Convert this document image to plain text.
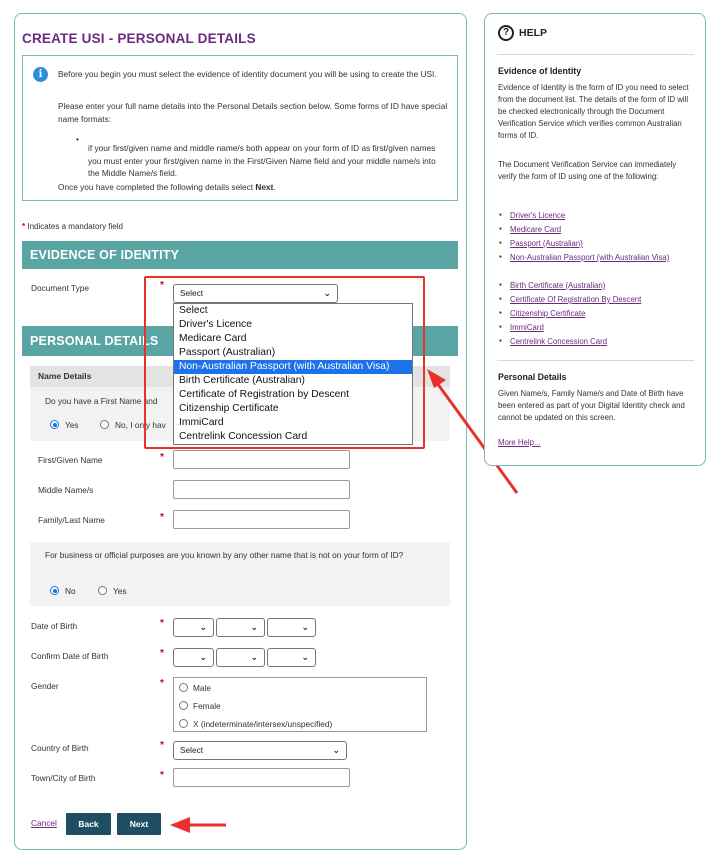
CREATE USI - PERSONAL DETAILS
i	Before you begin you must select the evidence of identity document you will be using to create the USI.

Please enter your full name details into the Personal Details section below. Some forms of ID have special name formats:

•

if your first/given name and middle name/s both appear on your form of ID as first/given names you must enter your first/given name in the First/Given Name field and your middle name/s into the Middle Name/s field.

Once you have completed the following details select Next.

* Indicates a mandatory field
EVIDENCE OF IDENTITY
Document Type	*
Select	⌄
PERSONAL DETAILS
Name Details
Do you have a First Name and
Yes	No, I only hav
First/Given Name	*
Middle Name/s
Family/Last Name	*
For business or official purposes are you known by any other name that is not on your form of ID?
No	Yes
Date of Birth	*	⌄	⌄	⌄
Confirm Date of Birth	*	⌄	⌄	⌄
Gender	*	Male
Female
X (indeterminate/intersex/unspecified)
Country of Birth	*	Select	⌄
Town/City of Birth	*
Cancel	Back	Next
Select
Driver's Licence
Medicare Card
Passport (Australian)
Non-Australian Passport (with Australian Visa)
Birth Certificate (Australian)
Certificate of Registration by Descent
Citizenship Certificate
ImmiCard
Centrelink Concession Card
? HELP
Evidence of Identity

Evidence of Identity is the form of ID you need to select from the document list. The details of the form of ID will be checked electronically through the Document Verification Service which verifies common Australian forms of ID.

The Document Verification Service can immediately verify the form of ID using one of the following:

▪ Driver's Licence
▪ Medicare Card
▪ Passport (Australian)
▪ Non-Australian Passport (with Australian Visa)
▪ Birth Certificate (Australian)
▪ Certificate Of Registration By Descent
▪ Citizenship Certificate
▪ ImmiCard
▪ Centrelink Concession Card
Personal Details

Given Name/s, Family Name/s and Date of Birth have been entered as part of your Digital Identity check and cannot be updated on this screen.

More Help...
